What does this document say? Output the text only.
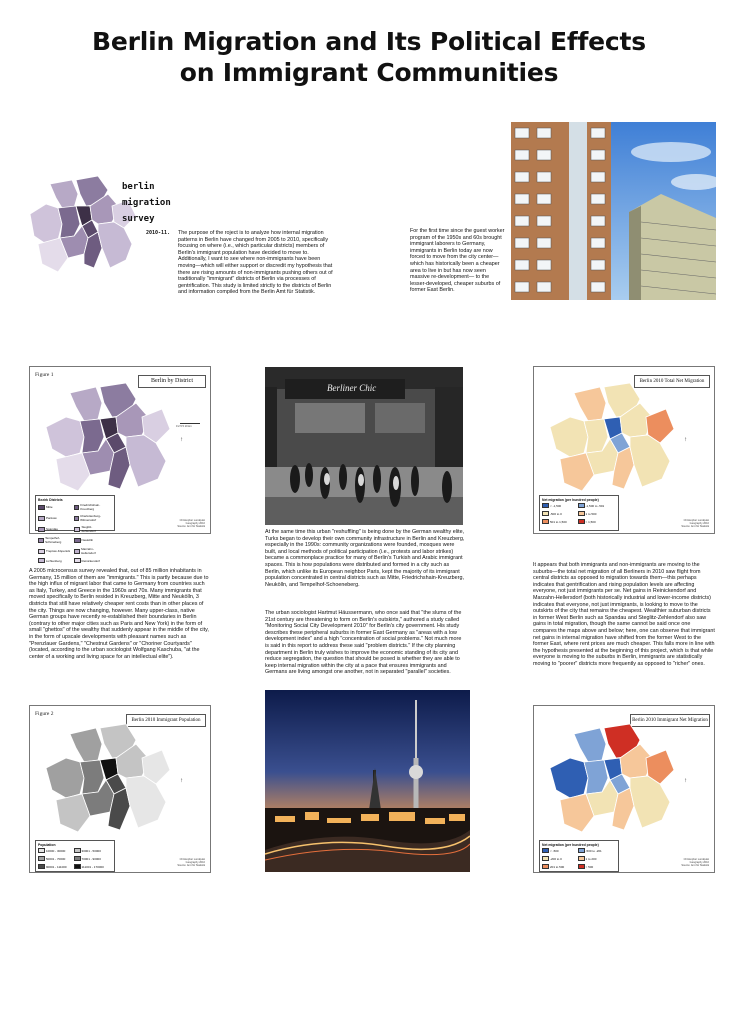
Berlin Migration and Its Political Effects
on Immigrant Communities
berlin
migration
survey
2010-11. The purpose of the roject is to analyze how internal migration patterns in Berlin have changed from 2005 to 2010, specifically focusing on where (i.e., which particular districts) members of Berlin's immigrant population have decided to move to. Additionally, I want to see where non-immigrants have been moving—which will either support or discredit my hypothesis that there are rising amounts of non-immigrants pushing others out of traditionally "immigrant" districts of Berlin via processes of gentrification. This study is limited strictly to the districts of Berlin and information compiled from the Berlin Amt für Statistik.
For the first time since the guest worker program of the 1950s and 60s brought immigrant laborers to Germany, immigrants in Berlin today are now forced to move from the city center—which has historically been a cheaper area to live in but has now seen massive re-development— to the lesser-developed, cheaper suburbs of former East Berlin.
Figure 1
Berlin by District
0 2.5 5 10 km
↑
Bezirk Districts
Mitte	Friedrichshain-Kreuzberg
Pankow	Charlottenburg-Wilmersdorf
Spandau	Steglitz-Zehlendorf
Tempelhof-Schöneberg	Neukölln
Treptow-Köpenick	Marzahn-Hellersdorf
Lichtenberg	Reinickendorf
Christopher Lundquist
Geography 2010
Source: Amt für Statistik
Berliner Chic
Berlin 2010 Total Net Migration
↑
Net migration (per hundred people)
< -1,500	-1,500 to -501
-500 to 0	1 to 500
501 to 1,500	> 1,500	Christopher Lundquist
Geography 2010
Source: Amt für Statistik
A 2005 microcensus survey revealed that, out of 85 million inhabitants in Germany, 15 million of them are "immigrants." This is partly because due to the high influx of migrant labor that came to Germany from countries such as Italy, Turkey, and Greece in the 1960s and 70s. Many immigrants that moved specifically to Berlin resided in Kreuzberg, Mitte and Neukölln, 3 districts that still have relatively cheaper rent costs than in other places of the city. Things are now changing, however. Many upper-class, native German groups have recently re-established their boundaries in Berlin (contrary to other major cities such as Paris and New York) in the form of small "ghettos" of the wealthy that suddenly appear in the middle of the city, in the form of upscale developments with pleasant names such as "Prenzlauer Gardens," "Chestnut Gardens" or "Choriner Courtyards" (located, according to the urban sociologist Wolfgang Kaschuba, "at the center of a working and living space for an intellectual elite").
At the same time this urban "reshuffling" is being done by the German wealthy elite, Turks began to develop their own community infrastructure in Berlin and Kreuzberg, especially in the 1990s: community organizations were founded, mosques were built, and local methods of political participation (i.e., protests and labor strikes) became a commonplace practice for many of Berlin's Turkish and Arabic immigrant spaces. This is how populations were distributed and formed in a city such as Berlin, which unlike its European neighbor Paris, kept the majority of its immigrant population concentrated in central districts such as Mitte, Friedrichshain-Kreuzberg, Neukölln, and Tempelhof-Schoeneberg.
The urban sociologist Hartmut Häussermann, who once said that "the slums of the 21st century are threatening to form on Berlin's outskirts," authored a study called "Monitoring Social City Development 2010" for Berlin's city government. His study describes these peripheral suburbs in former East Germany as "areas with a low development index" and a high "concentration of social problems." Not much more is said in this report to address these said "problem districts." If the city planning department in Berlin truly wishes to improve the economic standing of its city and reduce segregation, the question that should be posed is whether they are able to keep internal migration within the city at a pace that ensures immigrants and Germans are living amongst one another, not in separated "parallel" societies.
It appears that both immigrants and non-immigrants are moving to the suburbs—the total net migration of all Berliners in 2010 saw flight from central districts as opposed to migration towards them—this perhaps indicates that gentrification and rising population levels are affecting everyone, not just immigrants per se. Net gains in Reinickendorf and Marzahn-Hellersdorf (both historically industrial and lower-income districts) indicates that everyone, not just immigrants, is looking to move to the outskirts of the city that remains the cheapest. Wealthier suburban districts in former West Berlin such as Spandau and Steglitz-Zehlendorf also saw gains in total migration, though the same cannot be said once one compares the maps above and below; here, one can observe that immigrant net gains in internal migration have shifted from the former West to the former East, where rent prices are much cheaper. This falls more in line with the hypothesis presented at the beginning of this project, which is that while everyone is moving to the suburbs in Berlin, immigrants are statistically moving to "poorer" districts more frequently as opposed to "richer" ones.
Figure 2
Berlin 2010 Immigrant Population
↑
Population
10000 - 30000	30001 - 50000
50001 - 70000	70001 - 90000
90001 - 111000	111001 - 170000
Christopher Lundquist
Geography 2010
Source: Amt für Statistik
Berlin 2010 Immigrant Net Migration
↑
Net migration (per hundred people)
< -500	-500 to -201
-200 to 0	1 to 200
201 to 500	> 500
Christopher Lundquist
Geography 2010
Source: Amt für Statistik
